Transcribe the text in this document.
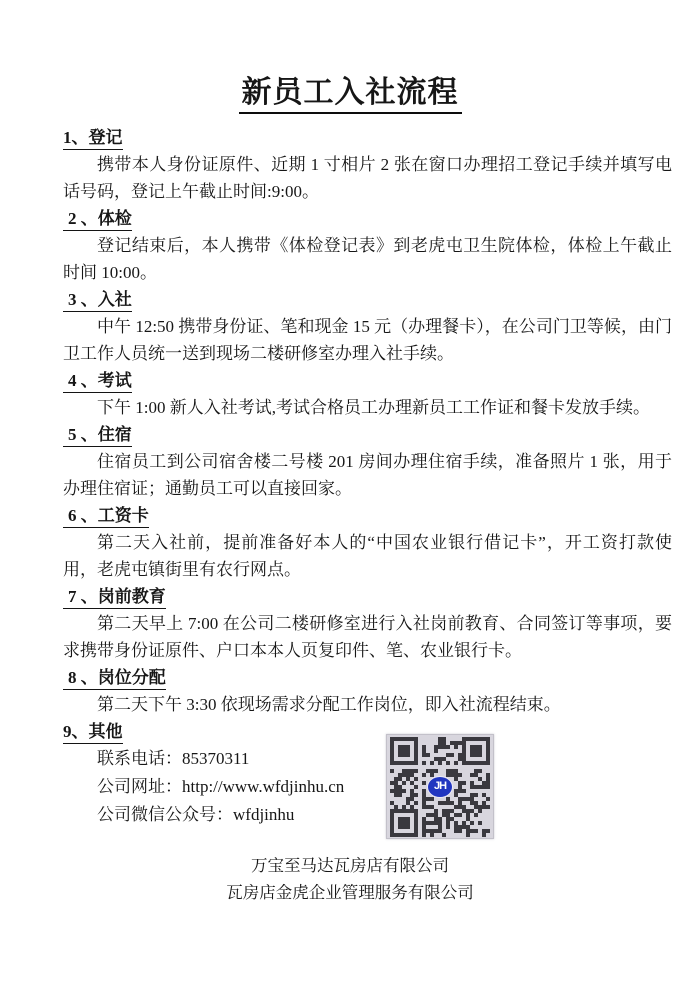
新员工入社流程
1、登记

携带本人身份证原件、近期 1 寸相片 2 张在窗口办理招工登记手续并填写电话号码，登记上午截止时间:9:00。

2 、体检

登记结束后，本人携带《体检登记表》到老虎屯卫生院体检，体检上午截止时间 10:00。

3 、入社

中午 12:50 携带身份证、笔和现金 15 元（办理餐卡），在公司门卫等候，由门卫工作人员统一送到现场二楼研修室办理入社手续。

4 、考试

下午 1:00 新人入社考试,考试合格员工办理新员工工作证和餐卡发放手续。

5 、住宿

住宿员工到公司宿舍楼二号楼 201 房间办理住宿手续，准备照片 1 张，用于办理住宿证；通勤员工可以直接回家。

6 、工资卡

第二天入社前，提前准备好本人的“中国农业银行借记卡”，开工资打款使用，老虎屯镇街里有农行网点。

7 、岗前教育

第二天早上 7:00 在公司二楼研修室进行入社岗前教育、合同签订等事项，要求携带身份证原件、户口本本人页复印件、笔、农业银行卡。

8 、岗位分配

第二天下午 3:30 依现场需求分配工作岗位，即入社流程结束。

9、其他
联系电话：85370311
公司网址：http://www.wfdjinhu.cn
公司微信公众号：wfdjinhu
JH
万宝至马达瓦房店有限公司
瓦房店金虎企业管理服务有限公司
